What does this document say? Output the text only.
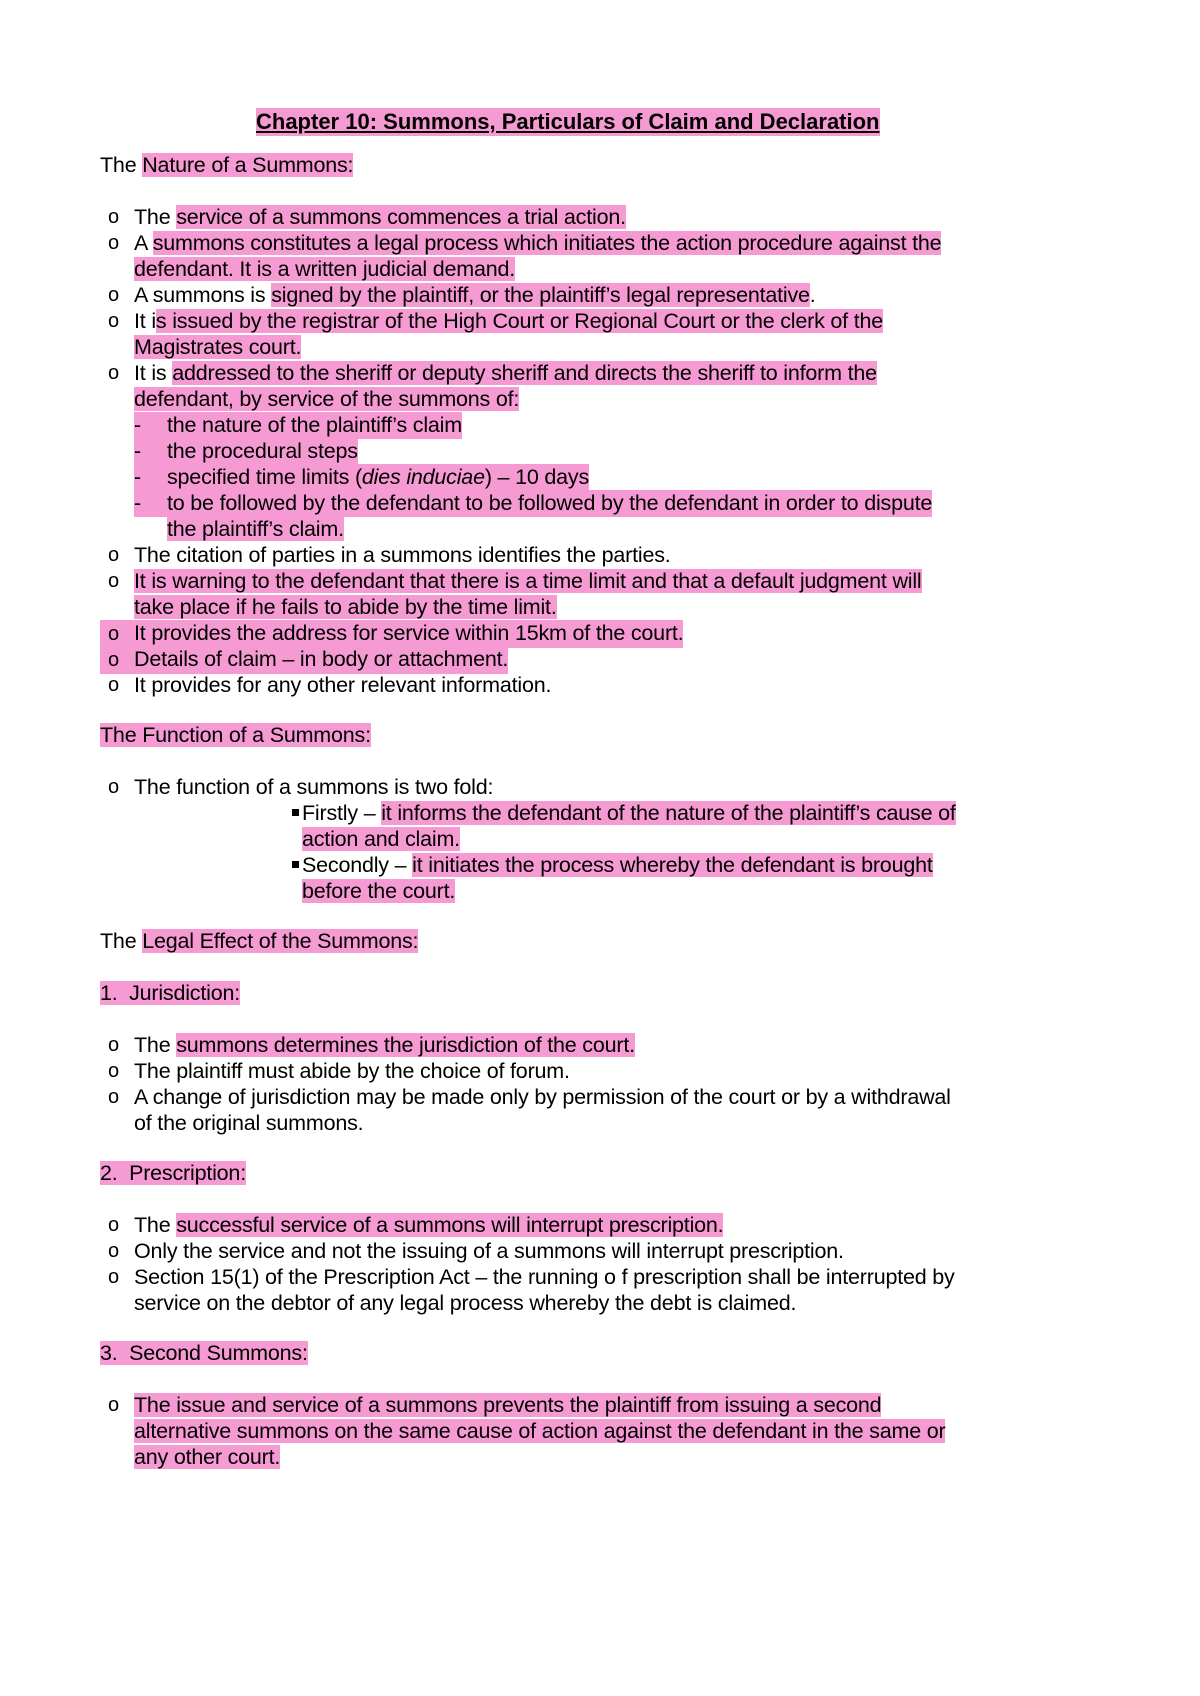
Chapter 10: Summons, Particulars of Claim and Declaration
The Nature of a Summons:
o The service of a summons commences a trial action.
o A summons constitutes a legal process which initiates the action procedure against the
defendant. It is a written judicial demand.
o A summons is signed by the plaintiff, or the plaintiff’s legal representative.
o It is issued by the registrar of the High Court or Regional Court or the clerk of the
Magistrates court.
o It is addressed to the sheriff or deputy sheriff and directs the sheriff to inform the
defendant, by service of the summons of:
- the nature of the plaintiff’s claim
- the procedural steps
- specified time limits (dies induciae) – 10 days
- to be followed by the defendant to be followed by the defendant in order to dispute
the plaintiff’s claim.
o The citation of parties in a summons identifies the parties.
o It is warning to the defendant that there is a time limit and that a default judgment will
take place if he fails to abide by the time limit.
o It provides the address for service within 15km of the court.
o Details of claim – in body or attachment.
o It provides for any other relevant information.
The Function of a Summons:
o The function of a summons is two fold:
Firstly – it informs the defendant of the nature of the plaintiff’s cause of
action and claim.
Secondly – it initiates the process whereby the defendant is brought
before the court.
The Legal Effect of the Summons:
1.  Jurisdiction:
o The summons determines the jurisdiction of the court.
o The plaintiff must abide by the choice of forum.
o A change of jurisdiction may be made only by permission of the court or by a withdrawal
of the original summons.
2.  Prescription:
o The successful service of a summons will interrupt prescription.
o Only the service and not the issuing of a summons will interrupt prescription.
o Section 15(1) of the Prescription Act – the running o f prescription shall be interrupted by
service on the debtor of any legal process whereby the debt is claimed.
3.  Second Summons:
o The issue and service of a summons prevents the plaintiff from issuing a second
alternative summons on the same cause of action against the defendant in the same or
any other court.
